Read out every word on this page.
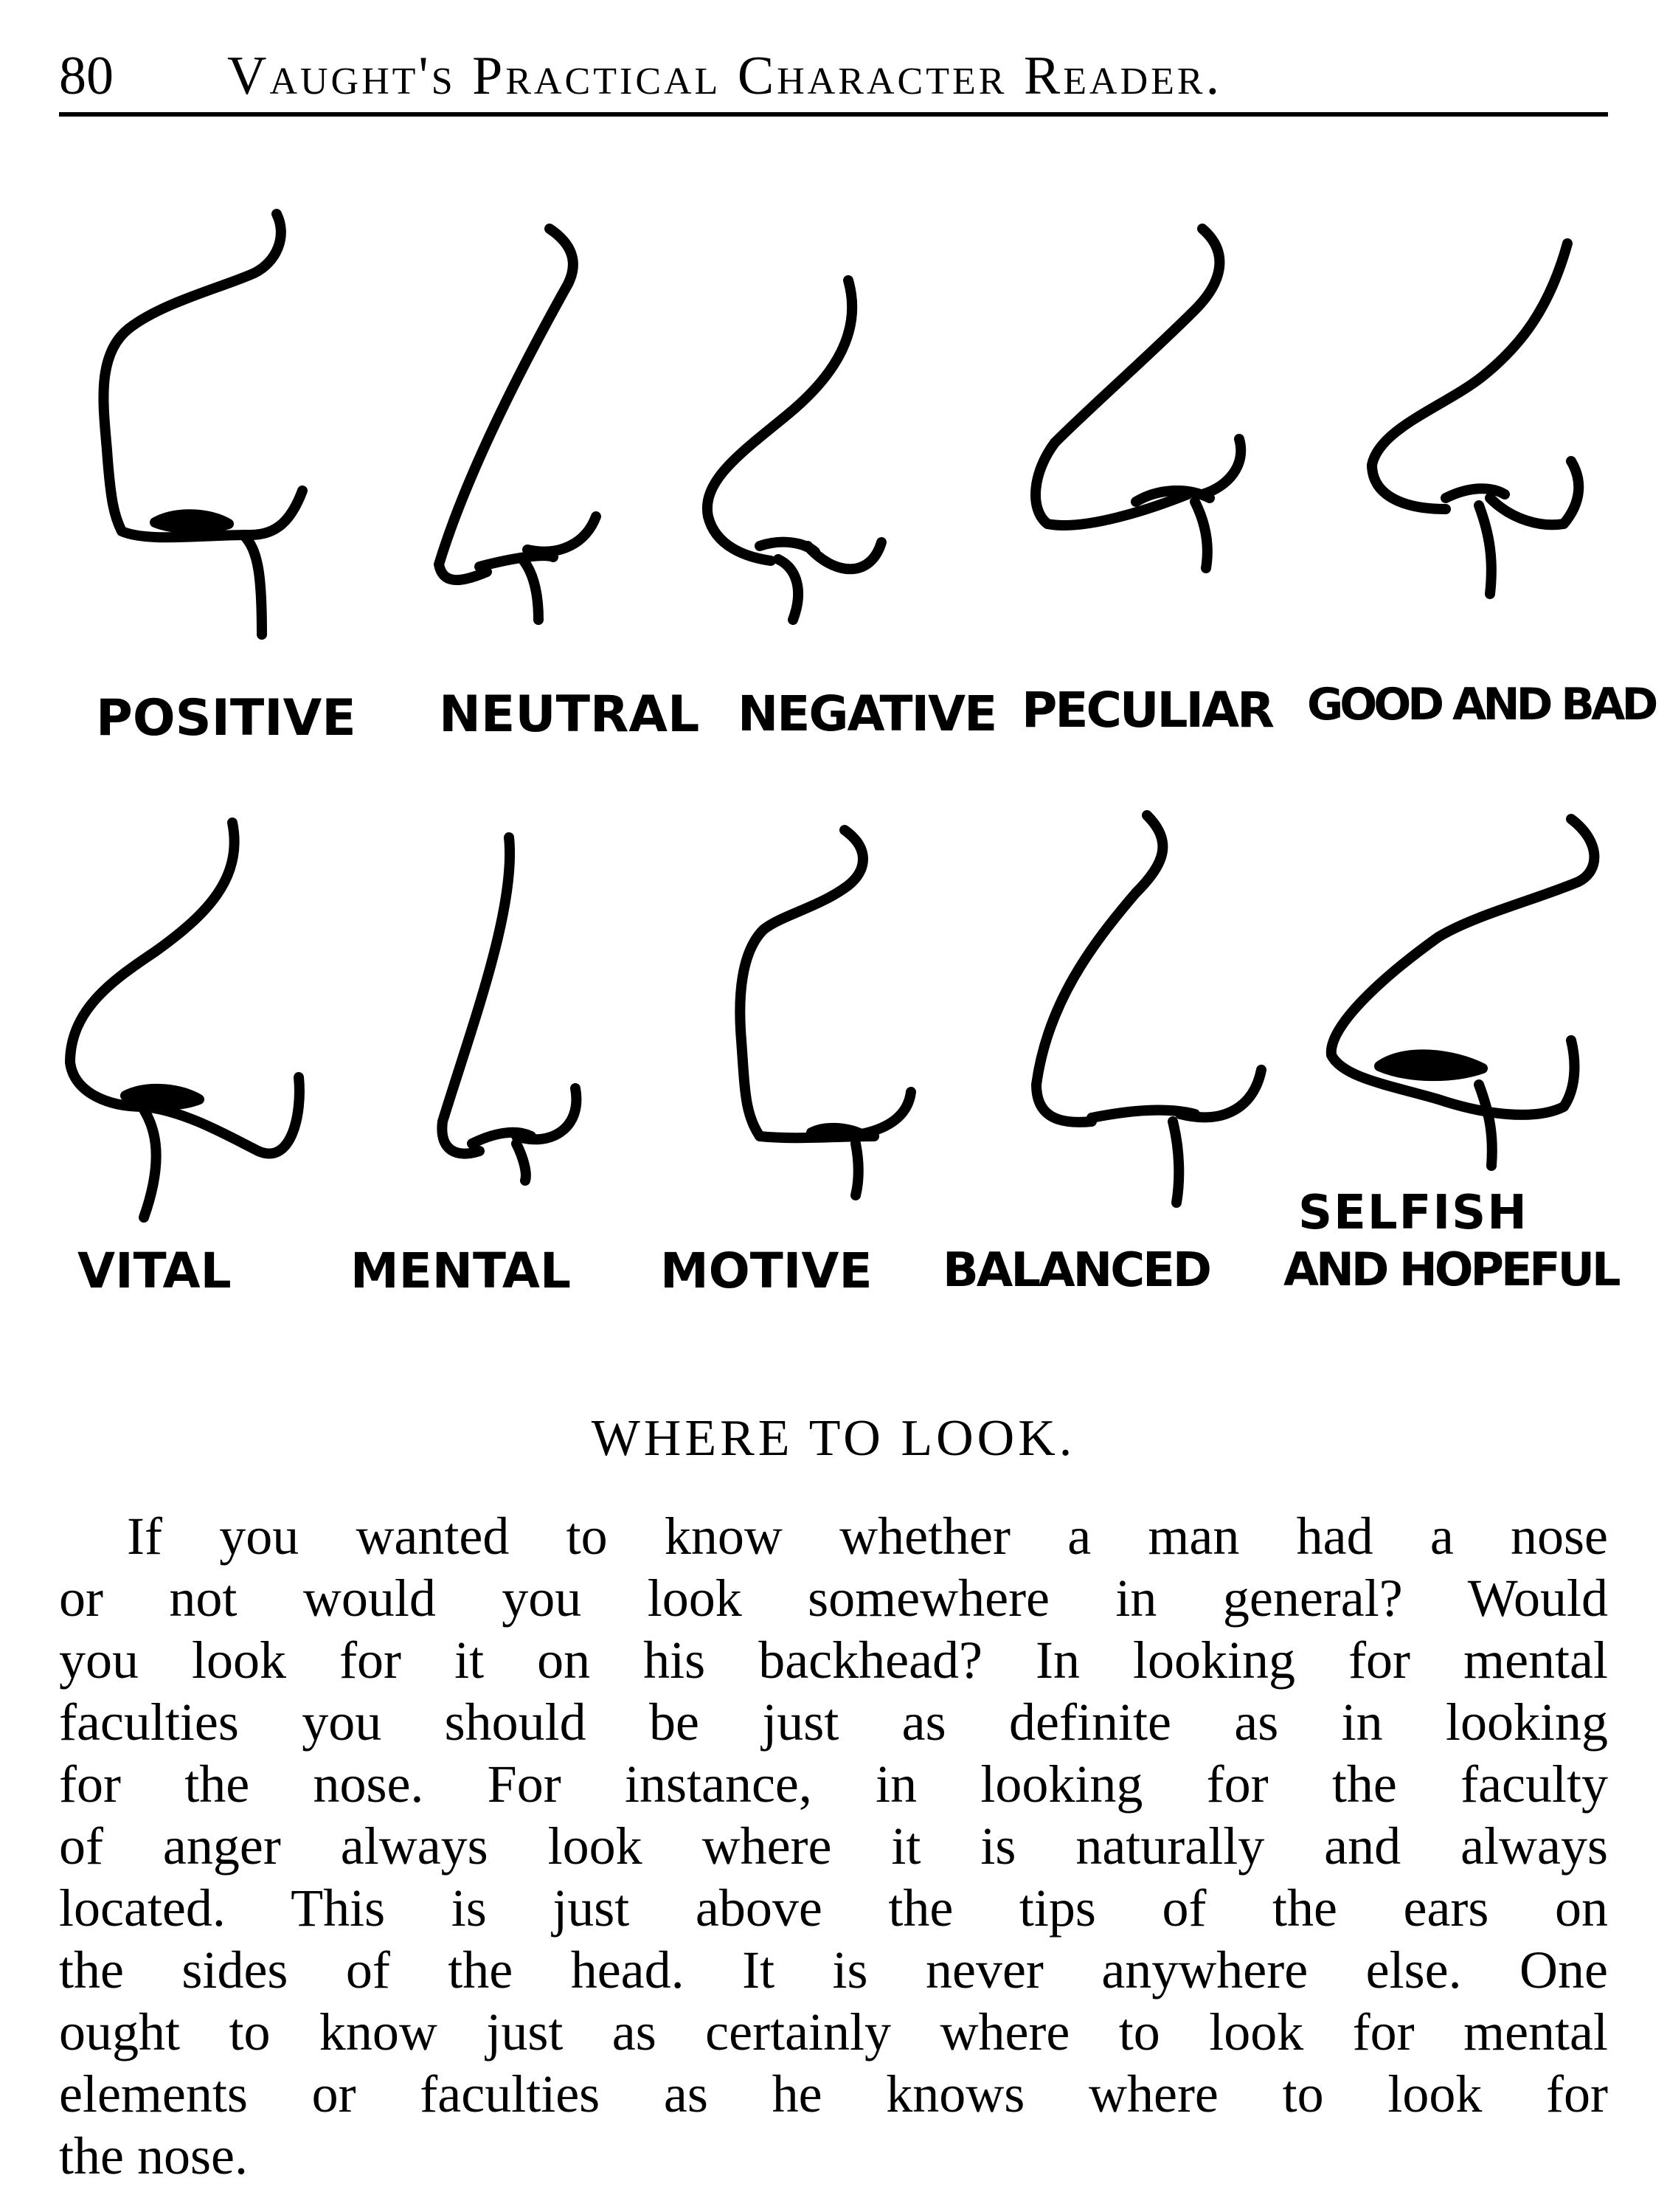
80 Vaught's Practical Character Reader.
POSITIVE NEUTRAL NEGATIVE PECULIAR GOOD AND BAD
VITAL MENTAL MOTIVE BALANCED
SELFISH
AND HOPEFUL
WHERE TO LOOK.
If you wanted to know whether a man had a nose
or not would you look somewhere in general? Would
you look for it on his backhead? In looking for mental
faculties you should be just as definite as in looking
for the nose. For instance, in looking for the faculty
of anger always look where it is naturally and always
located. This is just above the tips of the ears on
the sides of the head. It is never anywhere else. One
ought to know just as certainly where to look for mental
elements or faculties as he knows where to look for
the nose.
